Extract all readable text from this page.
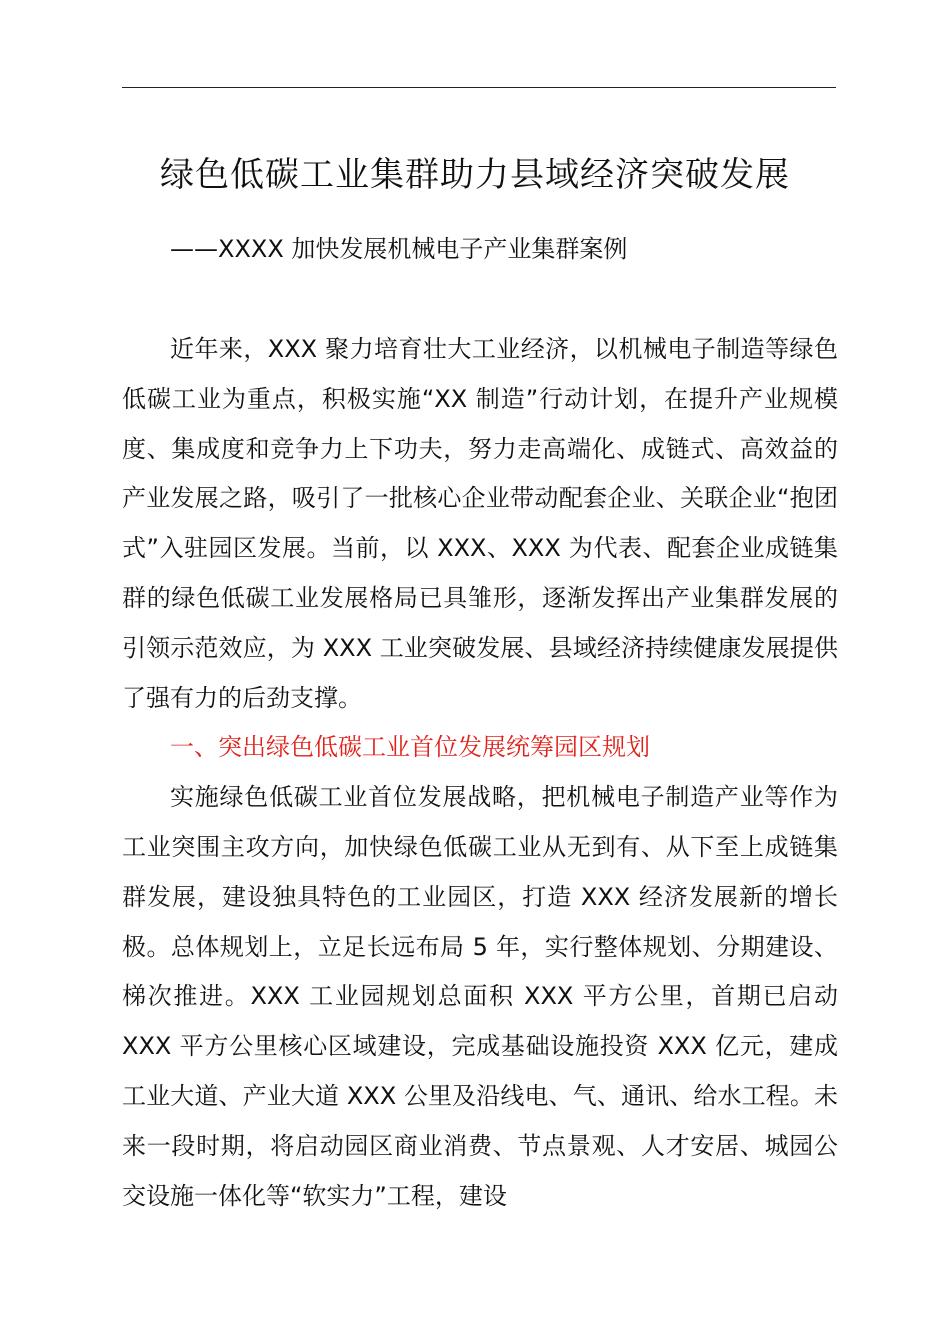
绿色低碳工业集群助力县域经济突破发展
——XXXX 加快发展机械电子产业集群案例

近年来，XXX 聚力培育壮大工业经济，以机械电子制造等绿色低碳工业为重点，积极实施“XX 制造”行动计划，在提升产业规模度、集成度和竞争力上下功夫，努力走高端化、成链式、高效益的产业发展之路，吸引了一批核心企业带动配套企业、关联企业“抱团式”入驻园区发展。当前，以 XXX、XXX 为代表、配套企业成链集群的绿色低碳工业发展格局已具雏形，逐渐发挥出产业集群发展的引领示范效应，为 XXX 工业突破发展、县域经济持续健康发展提供了强有力的后劲支撑。

一、突出绿色低碳工业首位发展统筹园区规划

实施绿色低碳工业首位发展战略，把机械电子制造产业等作为工业突围主攻方向，加快绿色低碳工业从无到有、从下至上成链集群发展，建设独具特色的工业园区，打造 XXX 经济发展新的增长极。总体规划上，立足长远布局 5 年，实行整体规划、分期建设、梯次推进。XXX 工业园规划总面积 XXX 平方公里，首期已启动 XXX 平方公里核心区域建设，完成基础设施投资 XXX 亿元，建成工业大道、产业大道 XXX 公里及沿线电、气、通讯、给水工程。未来一段时期，将启动园区商业消费、节点景观、人才安居、城园公交设施一体化等“软实力”工程，建设
